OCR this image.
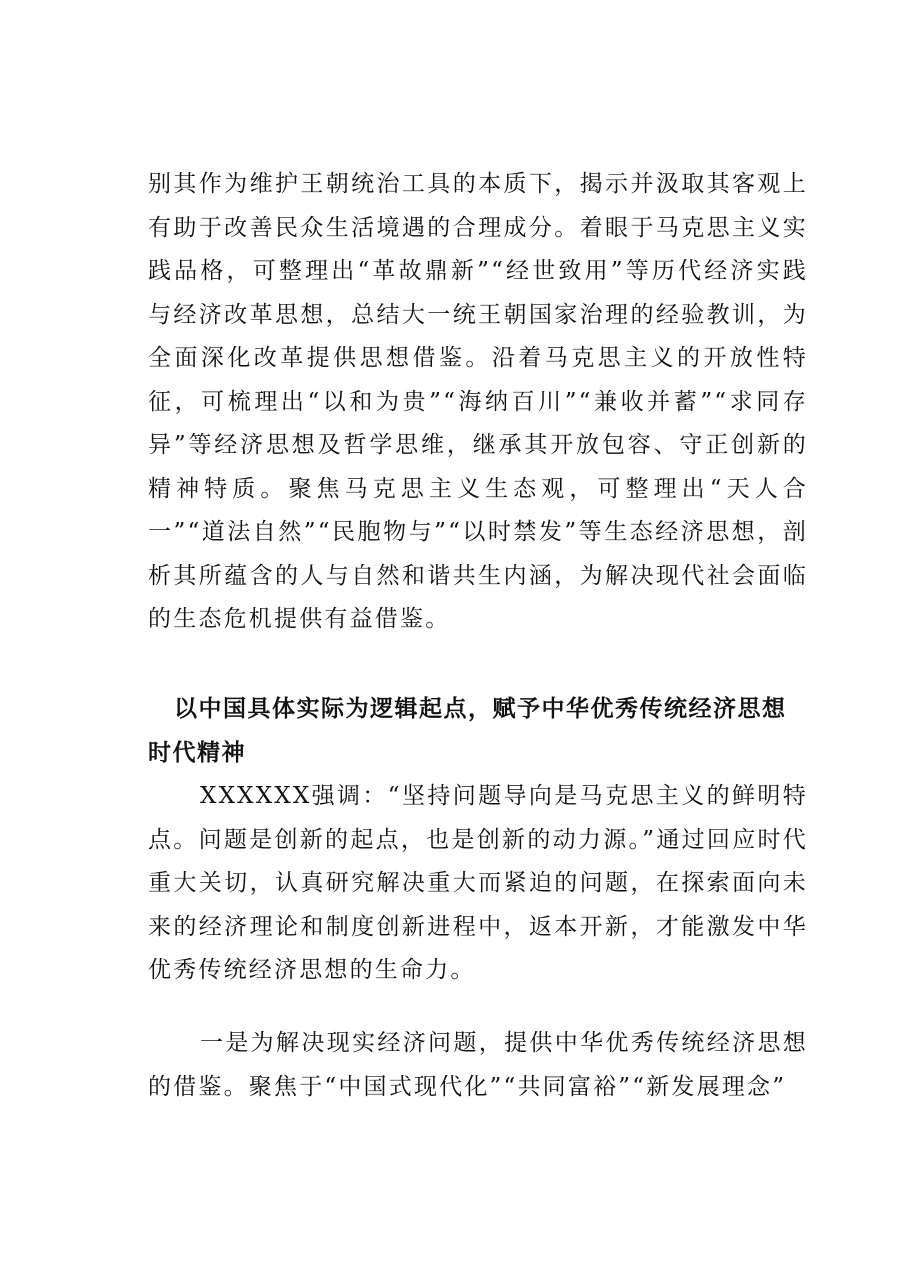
别其作为维护王朝统治工具的本质下，揭示并汲取其客观上有助于改善民众生活境遇的合理成分。着眼于马克思主义实践品格，可整理出“革故鼎新”“经世致用”等历代经济实践与经济改革思想，总结大一统王朝国家治理的经验教训，为全面深化改革提供思想借鉴。沿着马克思主义的开放性特征，可梳理出“以和为贵”“海纳百川”“兼收并蓄”“求同存异”等经济思想及哲学思维，继承其开放包容、守正创新的精神特质。聚焦马克思主义生态观，可整理出“天人合一”“道法自然”“民胞物与”“以时禁发”等生态经济思想，剖析其所蕴含的人与自然和谐共生内涵，为解决现代社会面临的生态危机提供有益借鉴。

以中国具体实际为逻辑起点，赋予中华优秀传统经济思想时代精神

XXXXXX强调：“坚持问题导向是马克思主义的鲜明特点。问题是创新的起点，也是创新的动力源。”通过回应时代重大关切，认真研究解决重大而紧迫的问题，在探索面向未来的经济理论和制度创新进程中，返本开新，才能激发中华优秀传统经济思想的生命力。

一是为解决现实经济问题，提供中华优秀传统经济思想的借鉴。聚焦于“中国式现代化”“共同富裕”“新发展理念”
